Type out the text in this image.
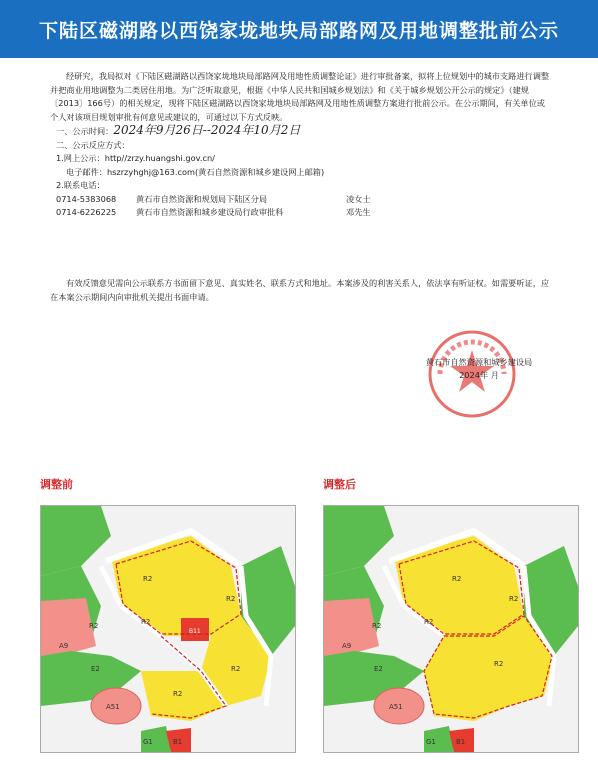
下陆区磁湖路以西饶家垅地块局部路网及用地调整批前公示

经研究，我局拟对《下陆区磁湖路以西饶家垅地块局部路网及用地性质调整论证》进行审批备案，拟将上位规划中的城市支路进行调整并把商业用地调整为二类居住用地。为广泛听取意见，根据《中华人民共和国城乡规划法》和《关于城乡规划公开公示的规定》（建规〔2013〕166号）的相关规定，现将下陆区磁湖路以西饶家垅地块局部路网及用地性质调整方案进行批前公示。在公示期间，有关单位或个人对该项目规划审批有何意见或建议的，可通过以下方式反映。

一、公示时间：2024年9月26日--2024年10月2日

二、公示反应方式：

1.网上公示：http//zrzy.huangshi.gov.cn/

电子邮件：hszrzyhghj@163.com(黄石自然资源和城乡建设网上邮箱)

2.联系电话：

0714-5383068	黄石市自然资源和规划局下陆区分局	凌女士
0714-6226225	黄石市自然资源和城乡建设局行政审批科	邓先生

有效反馈意见需向公示联系方书面留下意见、真实姓名、联系方式和地址。本案涉及的利害关系人，依法享有听证权。如需要听证，应在本案公示期间内向审批机关提出书面申请。

黄石市自然资源和城乡建设局
2024年 月
调整前	调整后
R2
R2
R2
R2
R2
R2
B11
A9
E2
A51
G1	B1
R2
R2
R2
R2
R2
A9
E2
A51
G1	B1
